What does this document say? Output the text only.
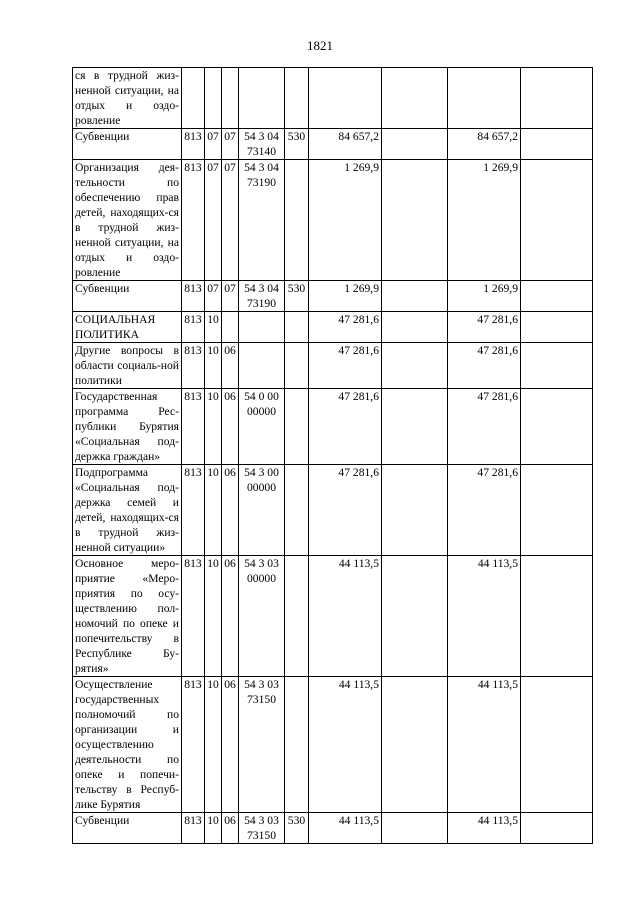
1821
ся в трудной жиз-ненной ситуации, на отдых и оздо-ровление									
Субвенции	813	07	07	54 3 04 73140	530	84 657,2		84 657,2	
Организация дея-тельности по обеспечению прав детей, находящих-ся в трудной жиз-ненной ситуации, на отдых и оздо-ровление	813	07	07	54 3 04 73190		1 269,9		1 269,9	
Субвенции	813	07	07	54 3 04 73190	530	1 269,9		1 269,9	
СОЦИАЛЬНАЯ ПОЛИТИКА	813	10				47 281,6		47 281,6	
Другие вопросы в области социаль-ной политики	813	10	06			47 281,6		47 281,6	
Государственная программа Рес-публики Бурятия «Социальная под-держка граждан»	813	10	06	54 0 00 00000		47 281,6		47 281,6	
Подпрограмма «Социальная под-держка семей и детей, находящих-ся в трудной жиз-ненной ситуации»	813	10	06	54 3 00 00000		47 281,6		47 281,6	
Основное меро-приятие «Меро-приятия по осу-ществлению пол-номочий по опеке и попечительству в Республике Бу-рятия»	813	10	06	54 3 03 00000		44 113,5		44 113,5	
Осуществление государственных полномочий по организации и осуществлению деятельности по опеке и попечи-тельству в Респуб-лике Бурятия	813	10	06	54 3 03 73150		44 113,5		44 113,5	
Субвенции	813	10	06	54 3 03 73150	530	44 113,5		44 113,5	
